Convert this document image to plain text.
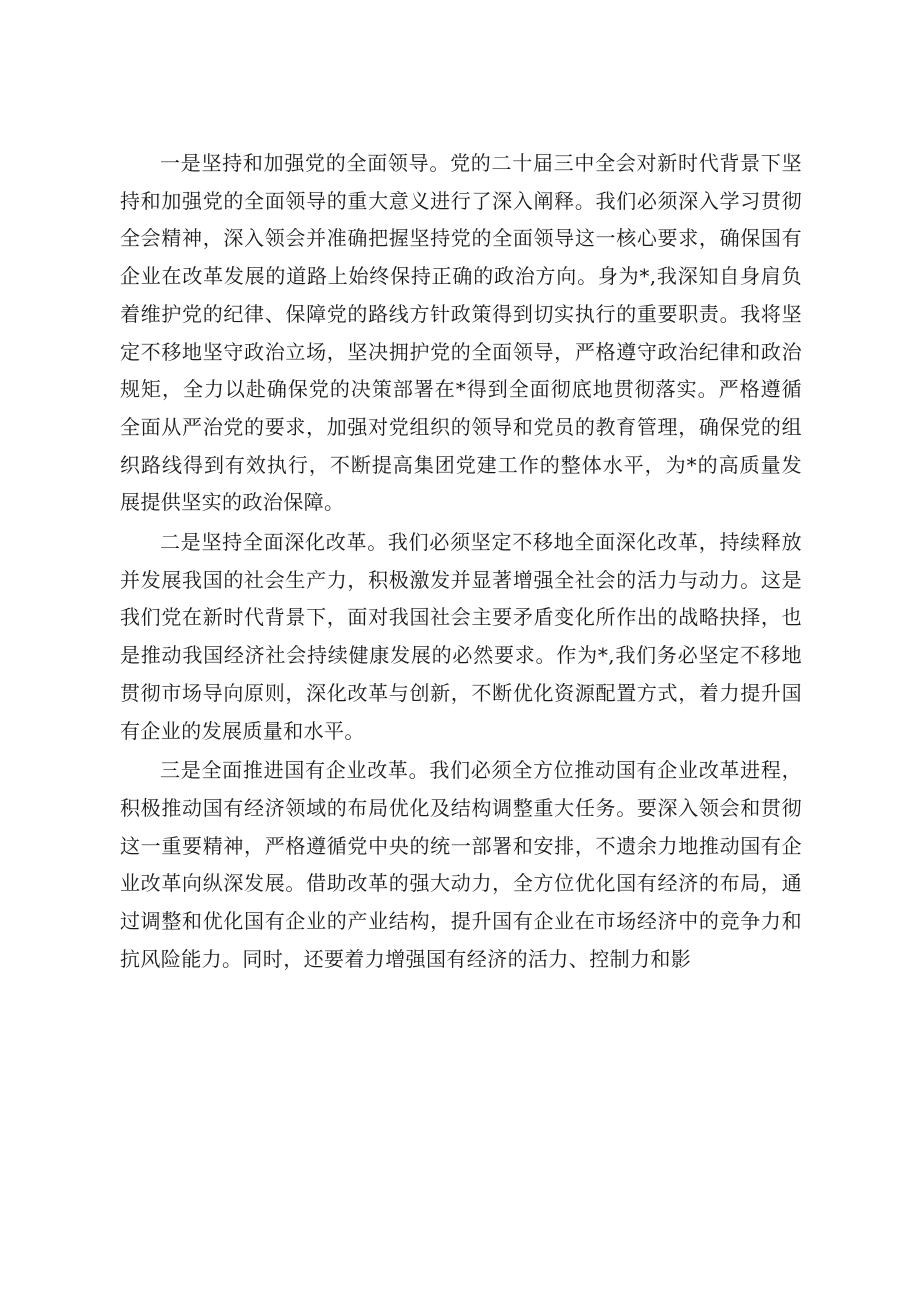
一是坚持和加强党的全面领导。党的二十届三中全会对新时代背景下坚持和加强党的全面领导的重大意义进行了深入阐释。我们必须深入学习贯彻全会精神，深入领会并准确把握坚持党的全面领导这一核心要求，确保国有企业在改革发展的道路上始终保持正确的政治方向。身为*,我深知自身肩负着维护党的纪律、保障党的路线方针政策得到切实执行的重要职责。我将坚定不移地坚守政治立场，坚决拥护党的全面领导，严格遵守政治纪律和政治规矩，全力以赴确保党的决策部署在*得到全面彻底地贯彻落实。严格遵循全面从严治党的要求，加强对党组织的领导和党员的教育管理，确保党的组织路线得到有效执行，不断提高集团党建工作的整体水平，为*的高质量发展提供坚实的政治保障。

二是坚持全面深化改革。我们必须坚定不移地全面深化改革，持续释放并发展我国的社会生产力，积极激发并显著增强全社会的活力与动力。这是我们党在新时代背景下，面对我国社会主要矛盾变化所作出的战略抉择，也是推动我国经济社会持续健康发展的必然要求。作为*,我们务必坚定不移地贯彻市场导向原则，深化改革与创新，不断优化资源配置方式，着力提升国有企业的发展质量和水平。

三是全面推进国有企业改革。我们必须全方位推动国有企业改革进程，积极推动国有经济领域的布局优化及结构调整重大任务。要深入领会和贯彻这一重要精神，严格遵循党中央的统一部署和安排，不遗余力地推动国有企业改革向纵深发展。借助改革的强大动力，全方位优化国有经济的布局，通过调整和优化国有企业的产业结构，提升国有企业在市场经济中的竞争力和抗风险能力。同时，还要着力增强国有经济的活力、控制力和影
